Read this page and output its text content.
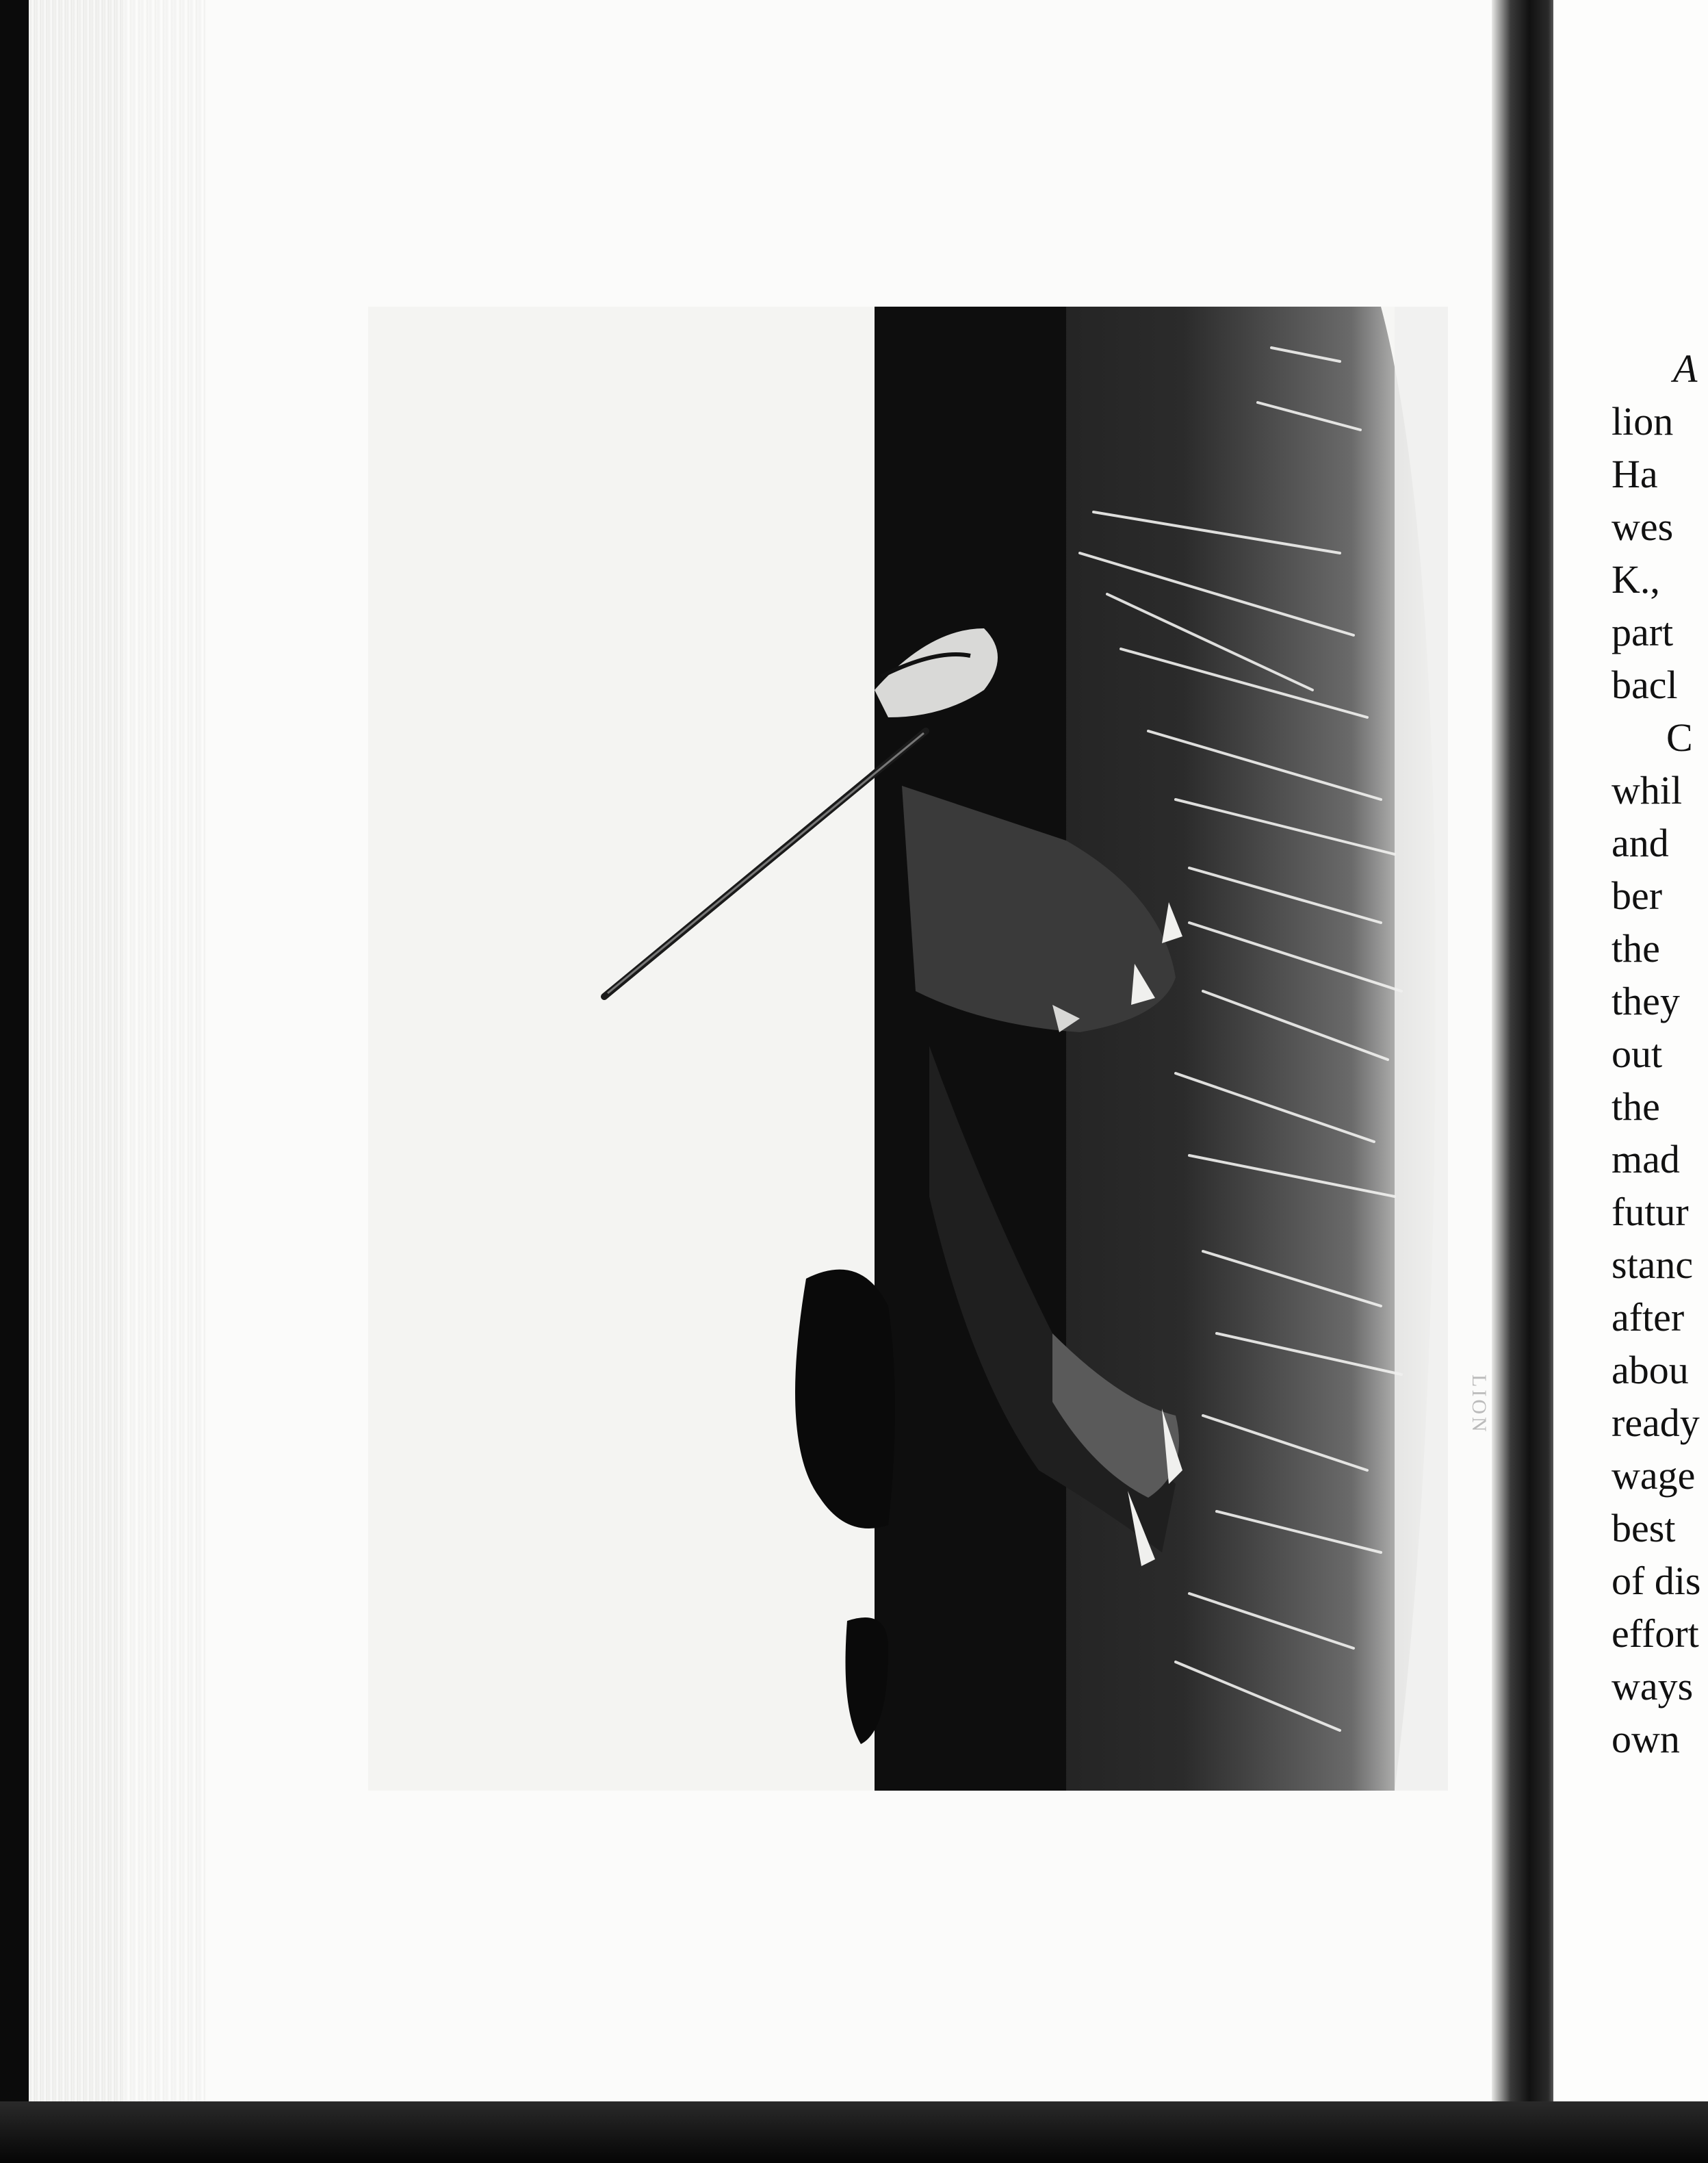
LION
A
lion
Ha
wes
K.,
part
bacl
C
whil
and
ber
the
they
out
the
mad
futur
stanc
after
abou
ready
wage
best
of dis
effort
ways
own
